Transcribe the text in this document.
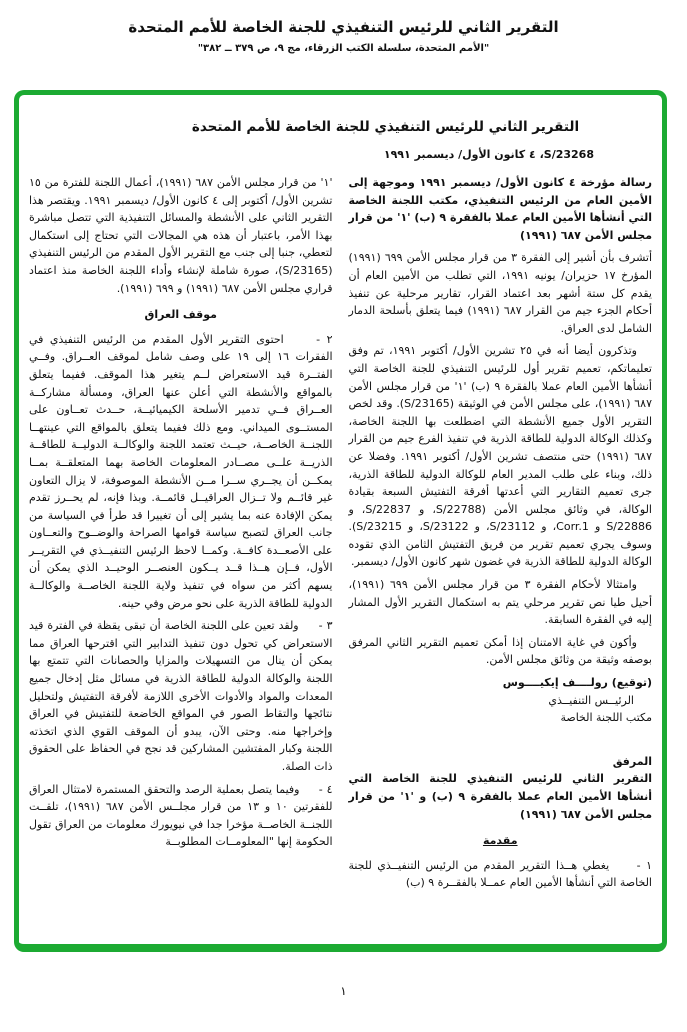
التقرير الثاني للرئيس التنفيذي للجنة الخاصة للأمم المتحدة
"الأمم المتحدة، سلسلة الكتب الزرقاء، مج ٩، ص ٣٧٩ ــ ٣٨٢"
التقرير الثاني للرئيس التنفيذي للجنة الخاصة للأمم المتحدة
S/23268، ٤ كانون الأول/ ديسمبر ١٩٩١

رسالة مؤرخة ٤ كانون الأول/ ديسمبر ١٩٩١ وموجهة إلى الأمين العام من الرئيس التنفيذي، مكتب اللجنة الخاصة التي أنشأها الأمين العام عملا بالفقرة ٩ (ب) '١' من قرار مجلس الأمن ٦٨٧ (١٩٩١)

أتشرف بأن أشير إلى الفقرة ٣ من قرار مجلس الأمن ٦٩٩ (١٩٩١) المؤرخ ١٧ حزيران/ يونيه ١٩٩١، التي تطلب من الأمين العام أن يقدم كل ستة أشهر بعد اعتماد القرار، تقارير مرحلية عن تنفيذ أحكام الجزء جيم من القرار ٦٨٧ (١٩٩١) فيما يتعلق بأسلحة الدمار الشامل لدى العراق.

وتذكرون أيضا أنه في ٢٥ تشرين الأول/ أكتوبر ١٩٩١، تم وفق تعليماتكم، تعميم تقرير أول للرئيس التنفيذي للجنة الخاصة التي أنشأها الأمين العام عملا بالفقرة ٩ (ب) '١' من قرار مجلس الأمن ٦٨٧ (١٩٩١)، على مجلس الأمن في الوثيقة (S/23165). وقد لخص التقرير الأول جميع الأنشطة التي اضطلعت بها اللجنة الخاصة، وكذلك الوكالة الدولية للطاقة الذرية في تنفيذ الفرع جيم من القرار ٦٨٧ (١٩٩١) حتى منتصف تشرين الأول/ أكتوبر ١٩٩١. وفضلا عن ذلك، وبناء على طلب المدير العام للوكالة الدولية للطاقة الذرية، جرى تعميم التقارير التي أعدتها أفرقة التفتيش السبعة بقيادة الوكالة، في وثائق مجلس الأمن (S/22788، و S/22837، و S/22886 و Corr.1، و S/23112، و S/23122، و S/23215). وسوف يجري تعميم تقرير من فريق التفتيش الثامن الذي تقوده الوكالة الدولية للطاقة الذرية في غضون شهر كانون الأول/ ديسمبر.

وامتثالا لأحكام الفقرة ٣ من قرار مجلس الأمن ٦٩٩ (١٩٩١)، أحيل طيا نص تقرير مرحلي يتم به استكمال التقرير الأول المشار إليه في الفقرة السابقة.

وأكون في غاية الامتنان إذا أمكن تعميم التقرير الثاني المرفق بوصفه وثيقة من وثائق مجلس الأمن.

(توقيع) رولــــف إيكيــــوس

الرئيــس التنفيــذي

مكتب اللجنة الخاصة

المرفق

التقرير الثاني للرئيس التنفيذي للجنة الخاصة التي أنشأها الأمين العام عملا بالفقرة ٩ (ب) و '١' من قرار مجلس الأمن ٦٨٧ (١٩٩١)

مقدمة

١ -     يغطي هــذا التقرير المقدم من الرئيس التنفيــذي للجنة الخاصة التي أنشأها الأمين العام عمــلا بالفقــرة ٩ (ب)

'١' من قرار مجلس الأمن ٦٨٧ (١٩٩١)، أعمال اللجنة للفترة من ١٥ تشرين الأول/ أكتوبر إلى ٤ كانون الأول/ ديسمبر ١٩٩١. ويقتصر هذا التقرير الثاني على الأنشطة والمسائل التنفيذية التي تتصل مباشرة بهذا الأمر، باعتبار أن هذه هي المجالات التي تحتاج إلى استكمال لتعطي، جنبا إلى جنب مع التقرير الأول المقدم من الرئيس التنفيذي (S/23165)، صورة شاملة لإنشاء وأداء اللجنة الخاصة منذ اعتماد قراري مجلس الأمن ٦٨٧ (١٩٩١) و ٦٩٩ (١٩٩١).

موقف العراق

٢ -     احتوى التقرير الأول المقدم من الرئيس التنفيذي في الفقرات ١٦ إلى ١٩ على وصف شامل لموقف العــراق. وفــي الفتــرة قيد الاستعراض لــم يتغير هذا الموقف. ففيما يتعلق بالمواقع والأنشطة التي أعلن عنها العراق، ومسألة مشاركــة العــراق فــي تدمير الأسلحة الكيميائيــة، حــدث تعــاون على المستــوى الميداني. ومع ذلك ففيما يتعلق بالمواقع التي عينتهــا اللجنــة الخاصــة، حيــث تعتمد اللجنة والوكالــة الدوليــة للطاقــة الذريــة علــى مصــادر المعلومات الخاصة بهما المتعلقــة بمــا يمكــن أن يجــري ســرا مــن الأنشطة الموصوفة، لا يزال التعاون غير قائــم ولا تــزال العراقيــل قائمــة. وبذا فإنه، لم يحــرز تقدم يمكن الإفادة عنه بما يشير إلى أن تغييرا قد طرأ في السياسة من جانب العراق لتصبح سياسة قوامها الصراحة والوضــوح والتعــاون على الأصعــدة كافــة. وكمــا لاحظ الرئيس التنفيــذي في التقريــر الأول، فــإن هــذا قــد يــكون العنصــر الوحيــد الذي يمكن أن يسهم أكثر من سواه في تنفيذ ولاية اللجنة الخاصــة والوكالــة الدولية للطاقة الذرية على نحو مرض وفي حينه.

٣ -     ولقد تعين على اللجنة الخاصة أن تبقى يقظة في الفترة قيد الاستعراض كي تحول دون تنفيذ التدابير التي اقترحها العراق مما يمكن أن ينال من التسهيلات والمزايا والحصانات التي تتمتع بها اللجنة والوكالة الدولية للطاقة الذرية في مسائل مثل إدخال جميع المعدات والمواد والأدوات الأخرى اللازمة لأفرقة التفتيش ولتحليل نتائجها والتقاط الصور في المواقع الخاضعة للتفتيش في العراق وإخراجها منه. وحتى الآن، يبدو أن الموقف القوي الذي اتخذته اللجنة وكبار المفتشين المشاركين قد نجح في الحفاظ على الحقوق ذات الصلة.

٤ -     وفيما يتصل بعملية الرصد والتحقق المستمرة لامتثال العراق للفقرتين ١٠ و ١٣ من قرار مجلــس الأمن ٦٨٧ (١٩٩١)، تلقــت اللجنــة الخاصــة مؤخرا جدا في نيويورك معلومات من العراق تقول الحكومة إنها "المعلومــات المطلوبــة

١
